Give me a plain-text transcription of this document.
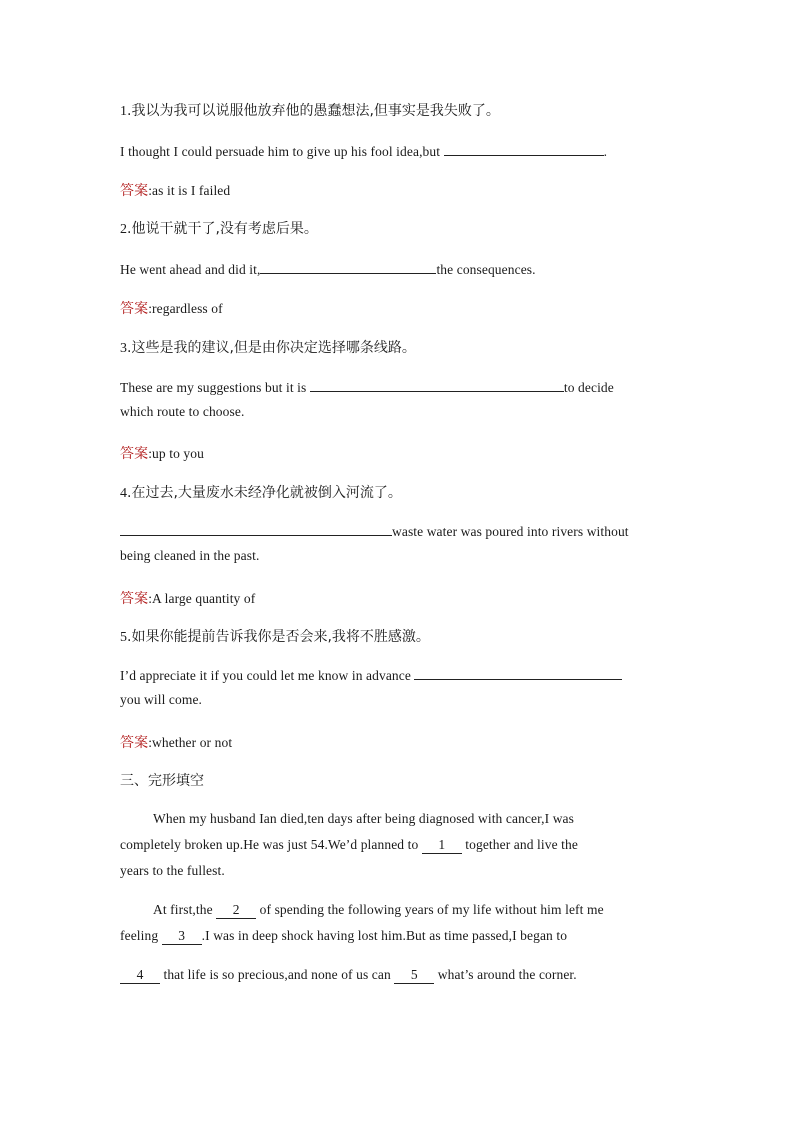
1.我以为我可以说服他放弃他的愚蠢想法,但事实是我失败了。
I thought I could persuade him to give up his fool idea,but	.
答案:as it is I failed
2.他说干就干了,没有考虑后果。
He went ahead and did it,	the consequences.
答案:regardless of
3.这些是我的建议,但是由你决定选择哪条线路。
These are my suggestions but it is	to decide
which route to choose.
答案:up to you
4.在过去,大量废水未经净化就被倒入河流了。
waste water was poured into rivers without
being cleaned in the past.
答案:A large quantity of
5.如果你能提前告诉我你是否会来,我将不胜感激。
I’d appreciate it if you could let me know in advance
you will come.
答案:whether or not
三、完形填空
When my husband Ian died,ten days after being diagnosed with cancer,I was
completely broken up.He was just 54.We’d planned to 1 together and live the
years to the fullest.
At first,the 2 of spending the following years of my life without him left me
feeling 3 .I was in deep shock having lost him.But as time passed,I began to
4 that life is so precious,and none of us can 5 what’s around the corner.
